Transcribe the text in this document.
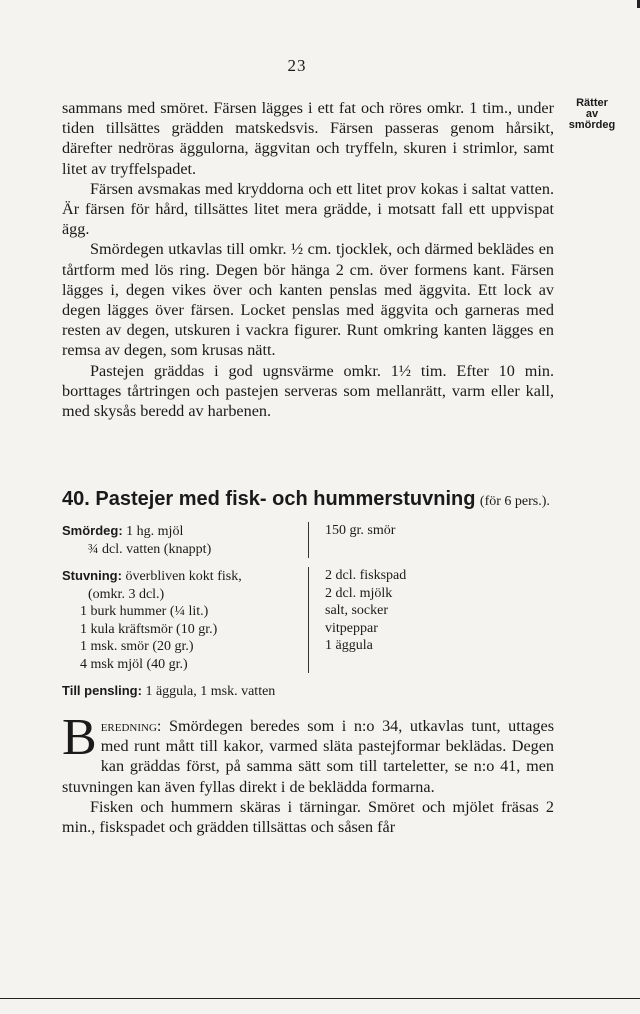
23
Rätter
av
smördeg

sammans med smöret. Färsen lägges i ett fat och röres omkr. 1 tim., under tiden tillsättes grädden matskedsvis. Färsen passeras genom hårsikt, därefter nedröras äggulorna, äggvitan och tryffeln, skuren i strimlor, samt litet av tryffelspadet.

Färsen avsmakas med kryddorna och ett litet prov kokas i saltat vatten. Är färsen för hård, tillsättes litet mera grädde, i motsatt fall ett uppvispat ägg.

Smördegen utkavlas till omkr. ½ cm. tjocklek, och därmed beklädes en tårtform med lös ring. Degen bör hänga 2 cm. över formens kant. Färsen lägges i, degen vikes över och kanten penslas med äggvita. Ett lock av degen lägges över färsen. Locket penslas med äggvita och garneras med resten av degen, utskuren i vackra figurer. Runt omkring kanten lägges en remsa av degen, som krusas nätt.

Pastejen gräddas i god ugnsvärme omkr. 1½ tim. Efter 10 min. borttages tårtringen och pastejen serveras som mellanrätt, varm eller kall, med skysås beredd av harbenen.

40. Pastejer med fisk- och hummerstuvning (för 6 pers.).
Smördeg: 1 hg. mjöl
¾ dcl. vatten (knappt)
150 gr. smör

Stuvning: överbliven kokt fisk,
(omkr. 3 dcl.)
1 burk hummer (¼ lit.)
1 kula kräftsmör (10 gr.)
1 msk. smör (20 gr.)
4 msk mjöl (40 gr.)
2 dcl. fiskspad
2 dcl. mjölk
salt, socker
vitpeppar
1 äggula

Till pensling: 1 äggula, 1 msk. vatten

Beredning: Smördegen beredes som i n:o 34, utkavlas tunt, uttages med runt mått till kakor, varmed släta pastejformar beklädas. Degen kan gräddas först, på samma sätt som till tarteletter, se n:o 41, men stuvningen kan även fyllas direkt i de beklädda formarna.

Fisken och hummern skäras i tärningar. Smöret och mjölet fräsas 2 min., fiskspadet och grädden tillsättas och såsen får
